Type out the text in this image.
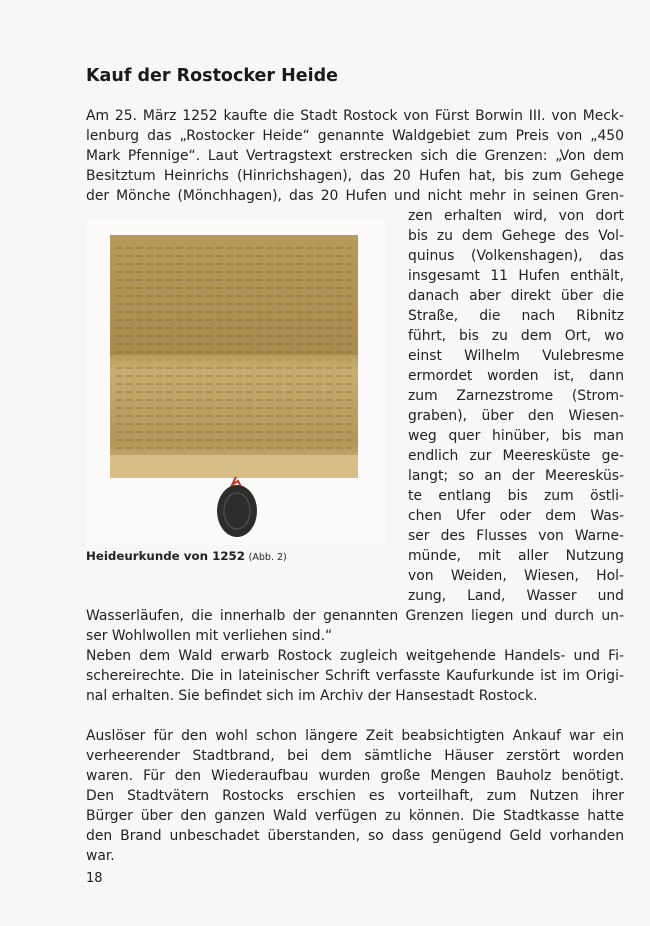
Kauf der Rostocker Heide
Am 25. März 1252 kaufte die Stadt Rostock von Fürst Borwin III. von Meck-
lenburg das „Rostocker Heide“ genannte Waldgebiet zum Preis von „450
Mark Pfennige“. Laut Vertragstext erstrecken sich die Grenzen: „Von dem
Besitztum Heinrichs (Hinrichshagen), das 20 Hufen hat, bis zum Gehege
der Mönche (Mönchhagen), das 20 Hufen und nicht mehr in seinen Gren-
zen erhalten wird, von dort
bis zu dem Gehege des Vol-
quinus (Volkenshagen), das
insgesamt 11 Hufen enthält,
danach aber direkt über die
Straße, die nach Ribnitz
führt, bis zu dem Ort, wo
einst Wilhelm Vulebresme
ermordet worden ist, dann
zum Zarnezstrome (Strom-
graben), über den Wiesen-
weg quer hinüber, bis man
endlich zur Meeresküste ge-
langt; so an der Meeresküs-
te entlang bis zum östli-
chen Ufer oder dem Was-
ser des Flusses von Warne-
münde, mit aller Nutzung
von Weiden, Wiesen, Hol-
zung, Land, Wasser und
Heideurkunde von 1252 (Abb. 2)
Wasserläufen, die innerhalb der genannten Grenzen liegen und durch un-
ser Wohlwollen mit verliehen sind.“
Neben dem Wald erwarb Rostock zugleich weitgehende Handels- und Fi-
schereirechte. Die in lateinischer Schrift verfasste Kaufurkunde ist im Origi-
nal erhalten. Sie befindet sich im Archiv der Hansestadt Rostock.
Auslöser für den wohl schon längere Zeit beabsichtigten Ankauf war ein
verheerender Stadtbrand, bei dem sämtliche Häuser zerstört worden
waren. Für den Wiederaufbau wurden große Mengen Bauholz benötigt.
Den Stadtvätern Rostocks erschien es vorteilhaft, zum Nutzen ihrer
Bürger über den ganzen Wald verfügen zu können. Die Stadtkasse hatte
den Brand unbeschadet überstanden, so dass genügend Geld vorhanden
war.
18
